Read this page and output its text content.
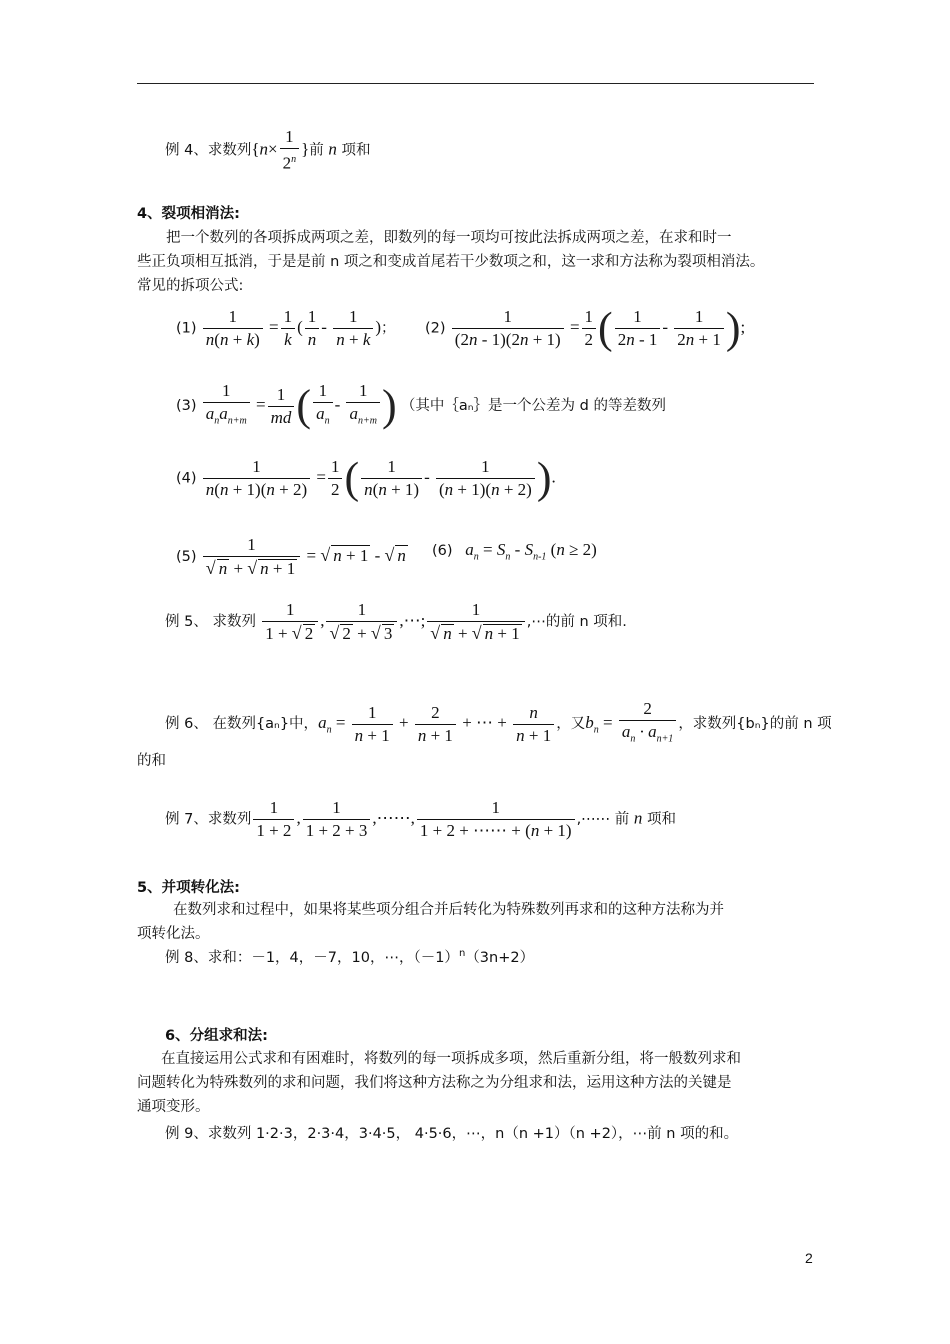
例 4、求数列{$n\times \frac{1}{2^n}$ }前 n 项和
4、裂项相消法:
把一个数列的各项拆成两项之差，即数列的每一项均可按此法拆成两项之差，在求和时一
些正负项相互抵消，于是是前 n 项之和变成首尾若干少数项之和，这一求和方法称为裂项相消法。
常见的拆项公式:
$(1) \frac{1}{n(n + k)} = \frac{1}{k}$ ( $\frac{1}{n} - \frac{1}{n + k}$ )； $(2) \frac{1}{(2n - 1)(2n + 1)} = \frac{1}{2}$ ( $\frac{1}{2n - 1} - \frac{1}{2n + 1}$ );
$(3) \frac{1}{a_na_{n+m}} = \frac{1}{md}$ ( $\frac{1}{a_n} - \frac{1}{a_{n+m}}$ ) （其中｛aₙ｝是一个公差为 d 的等差数列
$(4) \frac{1}{n(n + 1)(n + 2)} = \frac{1}{2}$ ( $\frac{1}{n(n + 1)} - \frac{1}{(n + 1)(n + 2)}$ ).
$(5) \frac{1}{√ n + √ n + 1}$ = √ n + 1 - √ n (6) $a_n = S_n - S_{n-1}$ (n ≥ 2)
例 5、 求数列 $\frac{1}{1 + √ 2}$ , $\frac{1}{√ 2 + √ 3}$ ,⋯; $\frac{1}{√ n + √ n + 1}$ ,⋯的前 n 项和.
例 6、 在数列{aₙ}中，$a_n = \frac{1}{n + 1} + \frac{2}{n + 1}$ + ⋯ + $\frac{n}{n + 1}$ ，又$b_n = \frac{2}{a_n \cdot a_{n+1}}$ ，求数列{bₙ}的前 n 项
的和
例 7、求数列 $\frac{1}{1 + 2}$ , $\frac{1}{1 + 2 + 3}$ ,⋯⋯, $\frac{1}{1 + 2 + \cdots\cdots + (n + 1)}$ ,⋯⋯ 前 n 项和
5、并项转化法:
在数列求和过程中，如果将某些项分组合并后转化为特殊数列再求和的这种方法称为并
项转化法。
例 8、求和：－1，4，－7，10，⋯，$(-1)^n(3n+2)$
6、分组求和法:
在直接运用公式求和有困难时，将数列的每一项拆成多项，然后重新分组，将一般数列求和
问题转化为特殊数列的求和问题，我们将这种方法称之为分组求和法，运用这种方法的关键是
通项变形。
例 9、求数列 1·2·3，2·3·4，3·4·5， 4·5·6，⋯，n（n +1）（n +2），⋯前 n 项的和。
2
